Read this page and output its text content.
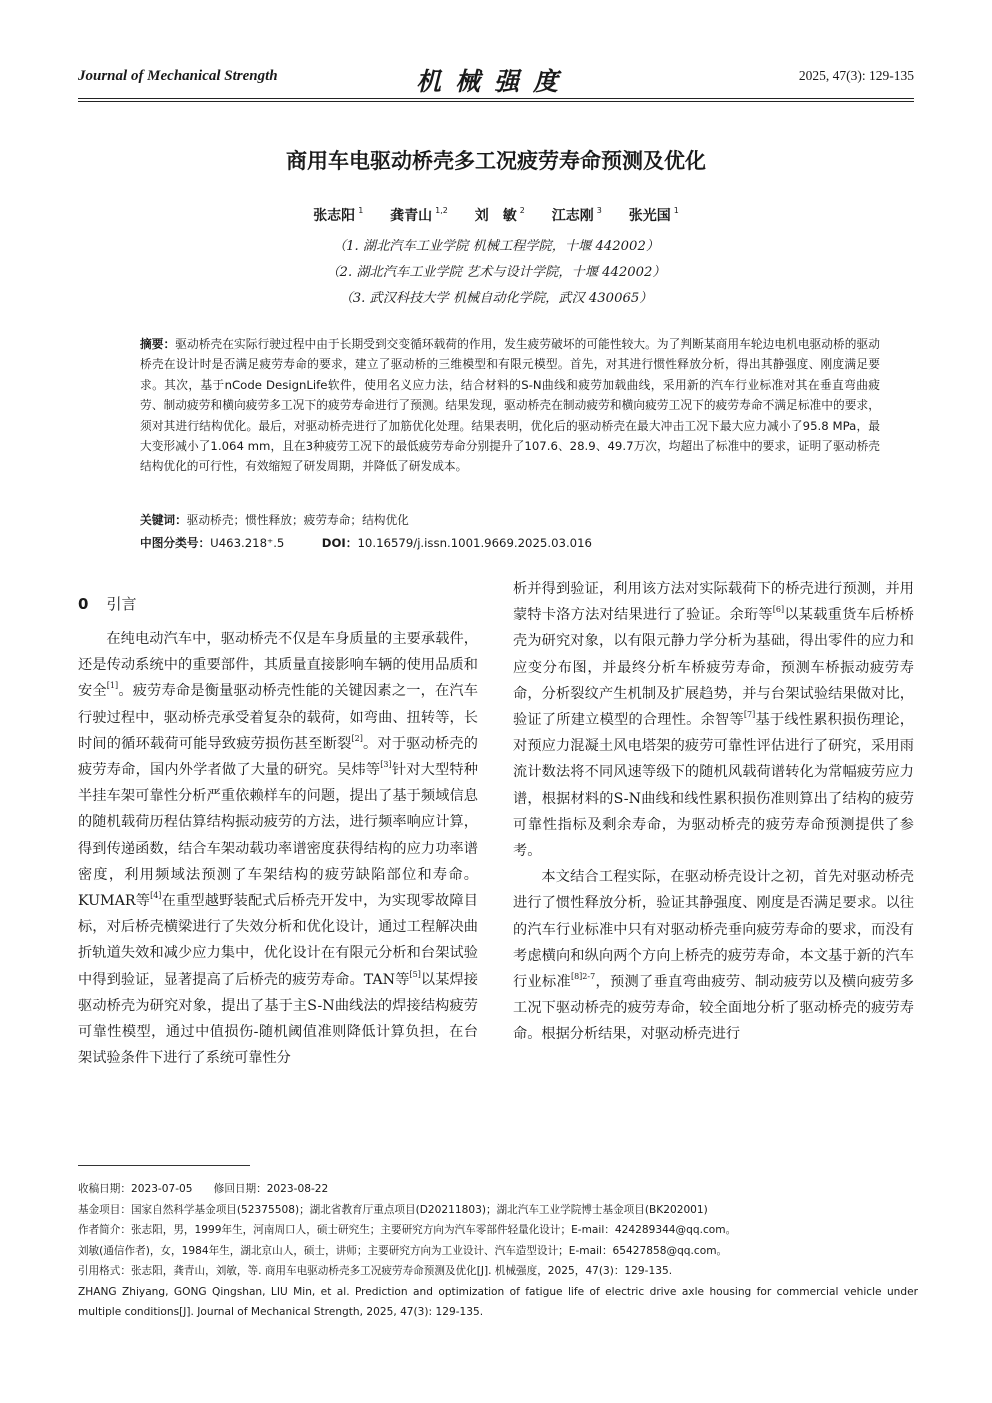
Journal of Mechanical Strength	机械强度	2025, 47(3): 129-135
商用车电驱动桥壳多工况疲劳寿命预测及优化
张志阳 $^1$ 龚青山 $^{1,2}$ 刘　敏 $^2$ 江志刚 $^3$ 张光国 $^1$
（1. 湖北汽车工业学院 机械工程学院，十堰 442002）
（2. 湖北汽车工业学院 艺术与设计学院，十堰 442002）
（3. 武汉科技大学 机械自动化学院，武汉 430065）
摘要：驱动桥壳在实际行驶过程中由于长期受到交变循环载荷的作用，发生疲劳破坏的可能性较大。为了判断某商用车轮边电机电驱动桥的驱动桥壳在设计时是否满足疲劳寿命的要求，建立了驱动桥的三维模型和有限元模型。首先，对其进行惯性释放分析，得出其静强度、刚度满足要求。其次，基于nCode DesignLife软件，使用名义应力法，结合材料的S-N曲线和疲劳加载曲线，采用新的汽车行业标准对其在垂直弯曲疲劳、制动疲劳和横向疲劳多工况下的疲劳寿命进行了预测。结果发现，驱动桥壳在制动疲劳和横向疲劳工况下的疲劳寿命不满足标准中的要求，须对其进行结构优化。最后，对驱动桥壳进行了加筋优化处理。结果表明，优化后的驱动桥壳在最大冲击工况下最大应力减小了95.8 MPa，最大变形减小了1.064 mm，且在3种疲劳工况下的最低疲劳寿命分别提升了107.6、28.9、49.7万次，均超出了标准中的要求，证明了驱动桥壳结构优化的可行性，有效缩短了研发周期，并降低了研发成本。
关键词：驱动桥壳；惯性释放；疲劳寿命；结构优化
中图分类号：U463.218⁺.5	DOI：10.16579/j.issn.1001.9669.2025.03.016
0 引言

在纯电动汽车中，驱动桥壳不仅是车身质量的主要承载件，还是传动系统中的重要部件，其质量直接影响车辆的使用品质和安全[1]。疲劳寿命是衡量驱动桥壳性能的关键因素之一，在汽车行驶过程中，驱动桥壳承受着复杂的载荷，如弯曲、扭转等，长时间的循环载荷可能导致疲劳损伤甚至断裂[2]。对于驱动桥壳的疲劳寿命，国内外学者做了大量的研究。吴炜等[3]针对大型特种半挂车架可靠性分析严重依赖样车的问题，提出了基于频域信息的随机载荷历程估算结构振动疲劳的方法，进行频率响应计算，得到传递函数，结合车架动载功率谱密度获得结构的应力功率谱密度，利用频域法预测了车架结构的疲劳缺陷部位和寿命。KUMAR等[4]在重型越野装配式后桥壳开发中，为实现零故障目标，对后桥壳横梁进行了失效分析和优化设计，通过工程解决曲折轨道失效和减少应力集中，优化设计在有限元分析和台架试验中得到验证，显著提高了后桥壳的疲劳寿命。TAN等[5]以某焊接驱动桥壳为研究对象，提出了基于主S-N曲线法的焊接结构疲劳可靠性模型，通过中值损伤-随机阈值准则降低计算负担，在台架试验条件下进行了系统可靠性分

析并得到验证，利用该方法对实际载荷下的桥壳进行预测，并用蒙特卡洛方法对结果进行了验证。余珩等[6]以某载重货车后桥桥壳为研究对象，以有限元静力学分析为基础，得出零件的应力和应变分布图，并最终分析车桥疲劳寿命，预测车桥振动疲劳寿命，分析裂纹产生机制及扩展趋势，并与台架试验结果做对比，验证了所建立模型的合理性。余智等[7]基于线性累积损伤理论，对预应力混凝土风电塔架的疲劳可靠性评估进行了研究，采用雨流计数法将不同风速等级下的随机风载荷谱转化为常幅疲劳应力谱，根据材料的S-N曲线和线性累积损伤准则算出了结构的疲劳可靠性指标及剩余寿命，为驱动桥壳的疲劳寿命预测提供了参考。

本文结合工程实际，在驱动桥壳设计之初，首先对驱动桥壳进行了惯性释放分析，验证其静强度、刚度是否满足要求。以往的汽车行业标准中只有对驱动桥壳垂向疲劳寿命的要求，而没有考虑横向和纵向两个方向上桥壳的疲劳寿命，本文基于新的汽车行业标准$^{[8]2-7}$，预测了垂直弯曲疲劳、制动疲劳以及横向疲劳多工况下驱动桥壳的疲劳寿命，较全面地分析了驱动桥壳的疲劳寿命。根据分析结果，对驱动桥壳进行

收稿日期：2023-07-05　　修回日期：2023-08-22
基金项目：国家自然科学基金项目(52375508)；湖北省教育厅重点项目(D20211803)；湖北汽车工业学院博士基金项目(BK202001)
作者简介：张志阳，男，1999年生，河南周口人，硕士研究生；主要研究方向为汽车零部件轻量化设计；E-mail：424289344@qq.com。
刘敏(通信作者)，女，1984年生，湖北京山人，硕士，讲师；主要研究方向为工业设计、汽车造型设计；E-mail：65427858@qq.com。
引用格式：张志阳，龚青山，刘敏，等. 商用车电驱动桥壳多工况疲劳寿命预测及优化[J]. 机械强度，2025，47(3)：129-135.
ZHANG Zhiyang, GONG Qingshan, LIU Min, et al. Prediction and optimization of fatigue life of electric drive axle housing for commercial vehicle under multiple conditions[J]. Journal of Mechanical Strength, 2025, 47(3): 129-135.
